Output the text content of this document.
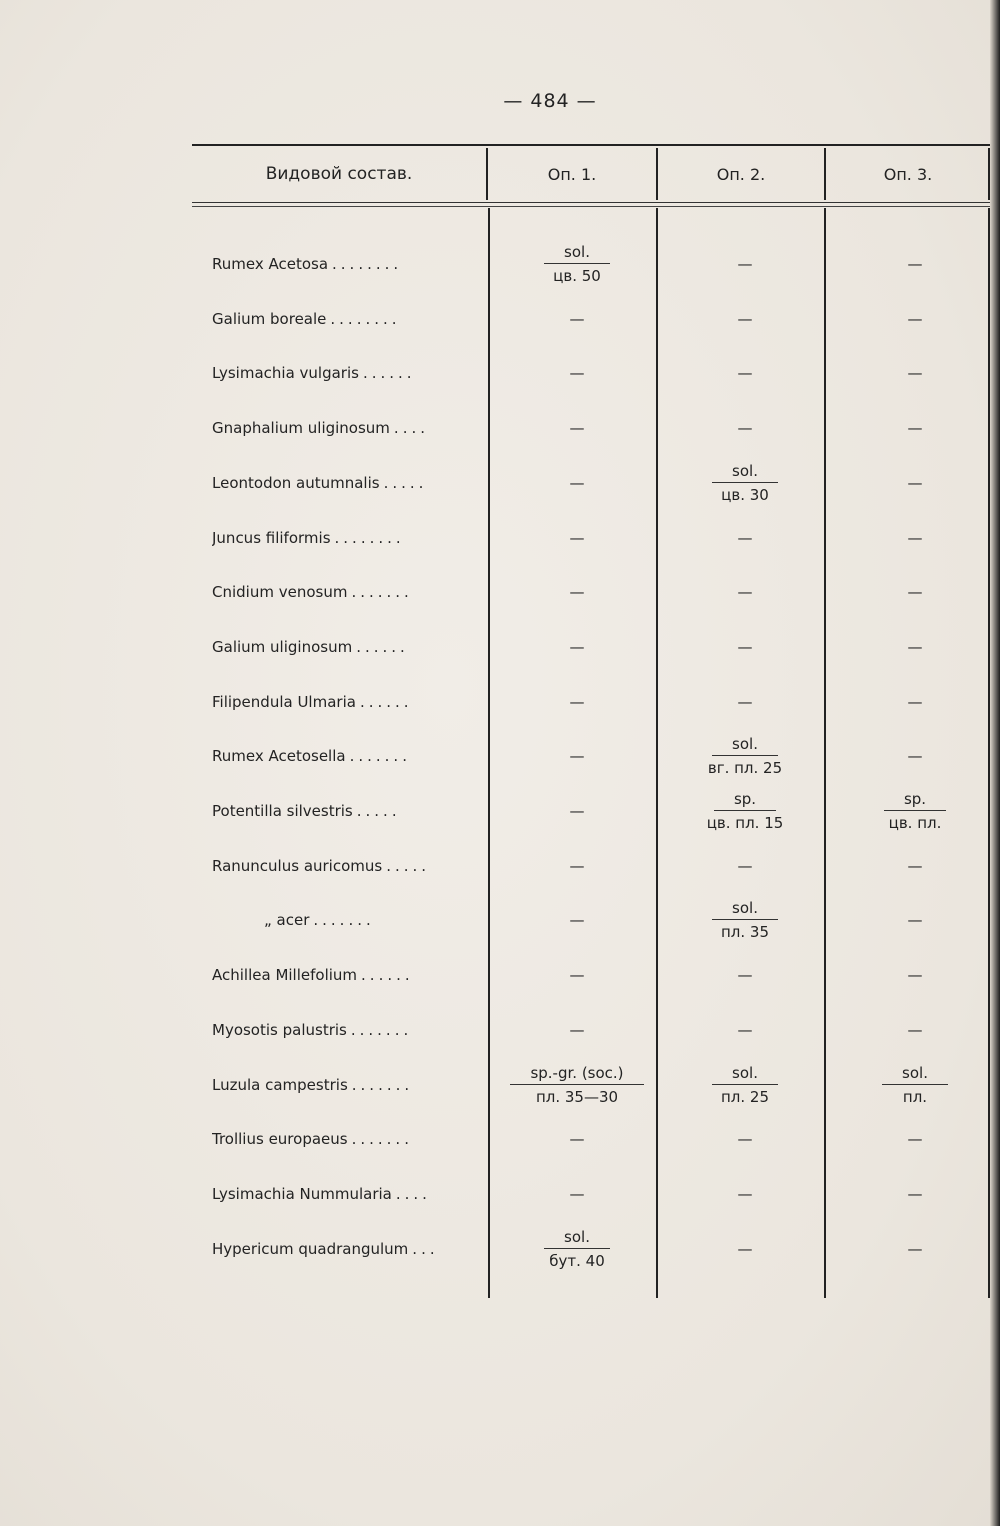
— 484 —
Видовой состав.	Оп. 1.	Оп. 2.	Оп. 3.
Rumex Acetosa ........	$\frac{\text{sol.}}{цв. 50}$	—	—
Galium boreale ........	—	—	—
Lysimachia vulgaris ......	—	—	—
Gnaphalium uliginosum ....	—	—	—
Leontodon autumnalis .....	—	$\frac{\text{sol.}}{цв. 30}$	—
Juncus filiformis ........	—	—	—
Cnidium venosum .......	—	—	—
Galium uliginosum ......	—	—	—
Filipendula Ulmaria ......	—	—	—
Rumex Acetosella .......	—	$\frac{\text{sol.}}{вг. пл. 25}$	—
Potentilla silvestris .....	—	$\frac{sp.}{цв. пл. 15}$	$\frac{sp.}{цв. пл.}$
Ranunculus auricomus .....	—	—	—
„ acer .......	—	$\frac{\text{sol.}}{пл. 35}$	—
Achillea Millefolium ......	—	—	—
Myosotis palustris .......	—	—	—
Luzula campestris .......	$\frac{\text{sp.-gr. (soc.)}}{пл. 35—30}$	$\frac{\text{sol.}}{пл. 25}$	$\frac{\text{sol.}}{пл.}$
Trollius europaeus .......	—	—	—
Lysimachia Nummularia ....	—	—	—
Hypericum quadrangulum ...	$\frac{\text{sol.}}{\text{бут. 40}}$	—	—
